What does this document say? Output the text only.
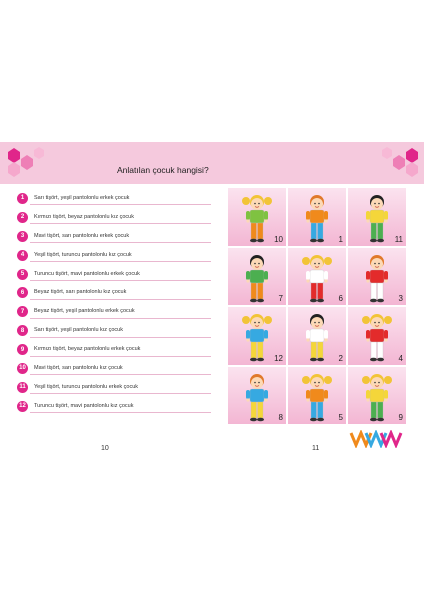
Anlatılan çocuk hangisi?
1	Sarı tişört, yeşil pantolonlu erkek çocuk
2	Kırmızı tişört, beyaz pantolonlu kız çocuk
3	Mavi tişört, sarı pantolonlu erkek çocuk
4	Yeşil tişört, turuncu pantolonlu kız çocuk
5	Turuncu tişört, mavi pantolonlu erkek çocuk
6	Beyaz tişört, sarı pantolonlu kız çocuk
7	Beyaz tişört, yeşil pantolonlu erkek çocuk
8	Sarı tişört, yeşil pantolonlu kız çocuk
9	Kırmızı tişört, beyaz pantolonlu erkek çocuk
10	Mavi tişört, sarı pantolonlu kız çocuk
11	Yeşil tişört, turuncu pantolonlu erkek çocuk
12	Turuncu tişört, mavi pantolonlu kız çocuk
10	1	11
7	6	3
12	2	4
8	5	9
10	11
